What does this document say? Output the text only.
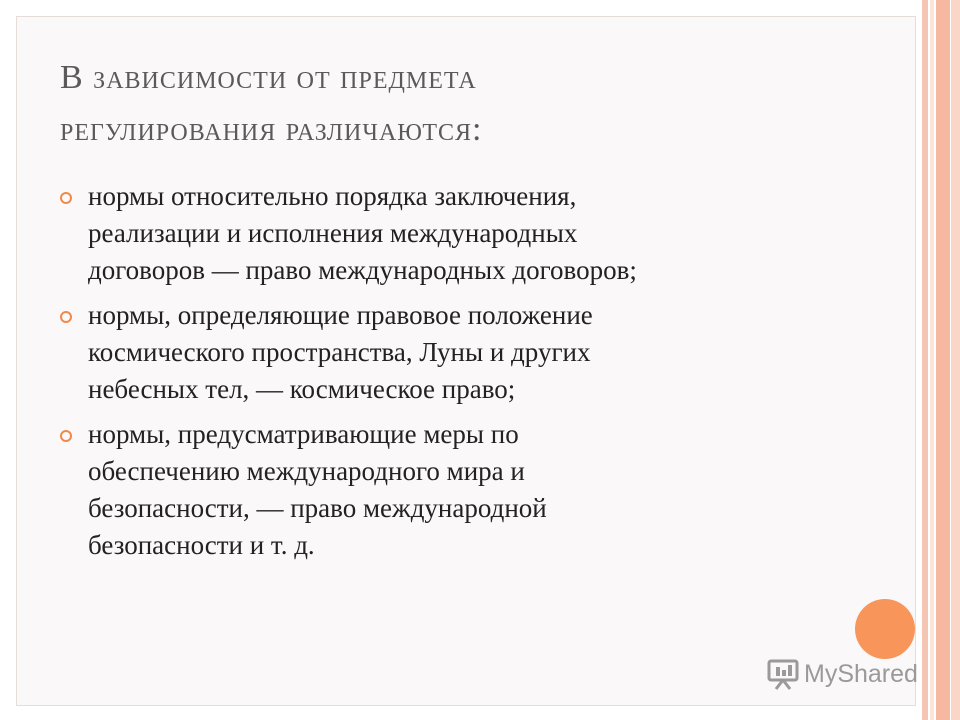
В зависимости от предмета
регулирования различаются:
нормы относительно порядка заключения,
реализации и исполнения международных
договоров — право международных договоров;
нормы, определяющие правовое положение
космического пространства, Луны и других
небесных тел, — космическое право;
нормы, предусматривающие меры по
обеспечению международного мира и
безопасности, — право международной
безопасности и т. д.
MyShared
